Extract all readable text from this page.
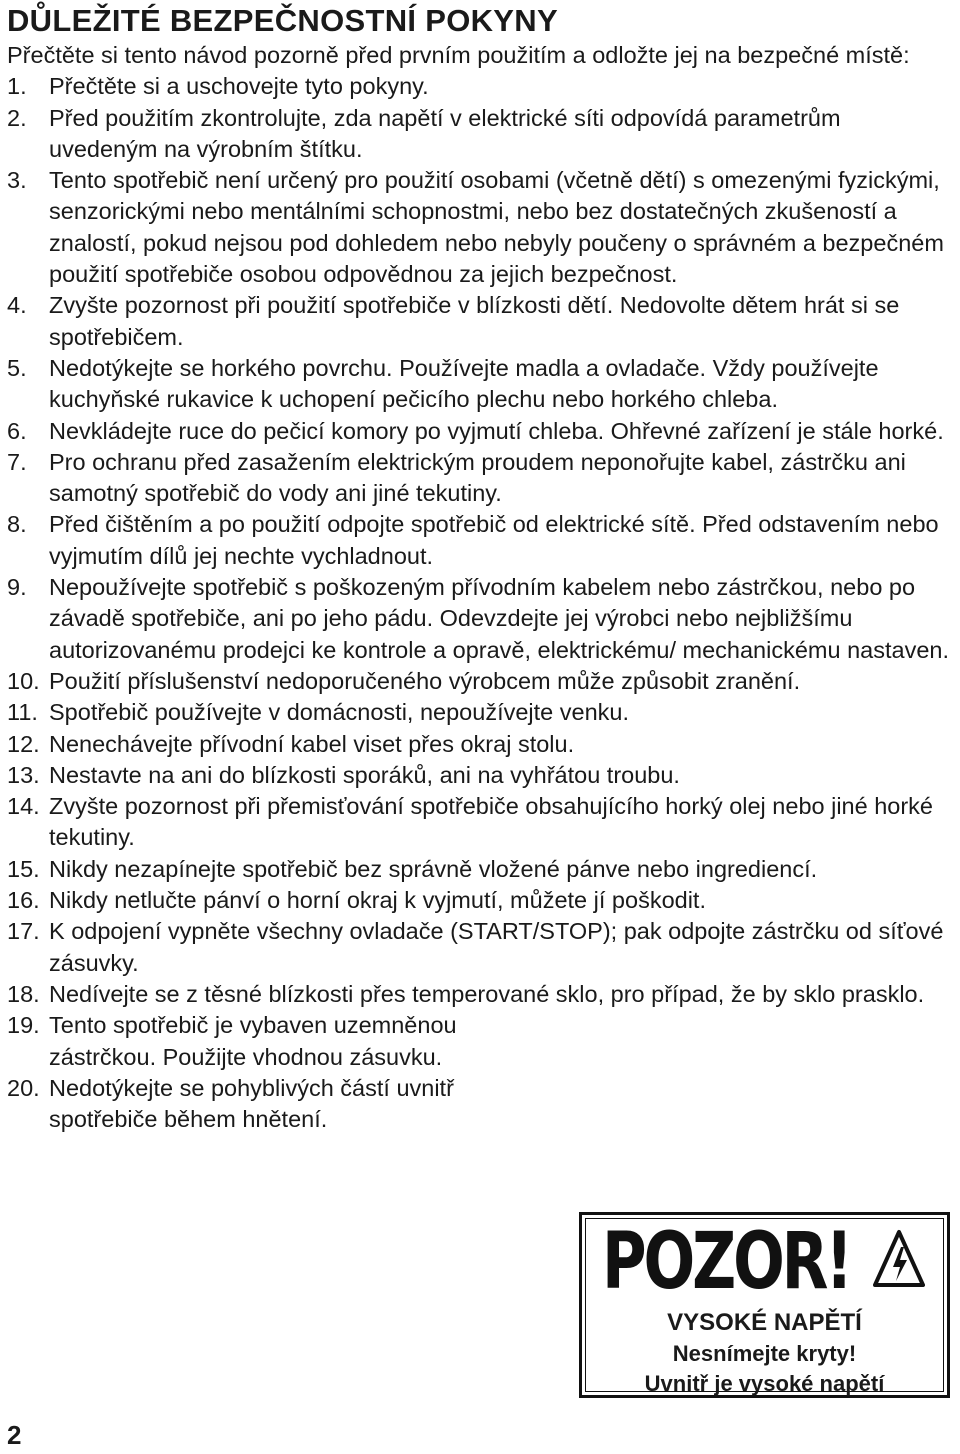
DŮLEŽITÉ BEZPEČNOSTNÍ POKYNY

Přečtěte si tento návod pozorně před prvním použitím a odložte jej na bezpečné místě:

1. Přečtěte si a uschovejte tyto pokyny.
2. Před použitím zkontrolujte, zda napětí v elektrické síti odpovídá parametrům uvedeným na výrobním štítku.
3. Tento spotřebič není určený pro použití osobami (včetně dětí) s omezenými fyzickými, senzorickými nebo mentálními schopnostmi, nebo bez dostatečných zkušeností a znalostí, pokud nejsou pod dohledem nebo nebyly poučeny o správném a bezpečném použití spotřebiče osobou odpovědnou za jejich bezpečnost.
4. Zvyšte pozornost při použití spotřebiče v blízkosti dětí. Nedovolte dětem hrát si se spotřebičem.
5. Nedotýkejte se horkého povrchu. Používejte madla a ovladače. Vždy používejte kuchyňské rukavice k uchopení pečicího plechu nebo horkého chleba.
6. Nevkládejte ruce do pečicí komory po vyjmutí chleba. Ohřevné zařízení je stále horké.
7. Pro ochranu před zasažením elektrickým proudem neponořujte kabel, zástrčku ani samotný spotřebič do vody ani jiné tekutiny.
8. Před čištěním a po použití odpojte spotřebič od elektrické sítě. Před odstavením nebo vyjmutím dílů jej nechte vychladnout.
9. Nepoužívejte spotřebič s poškozeným přívodním kabelem nebo zástrčkou, nebo po závadě spotřebiče, ani po jeho pádu. Odevzdejte jej výrobci nebo nejbližšímu autorizovanému prodejci ke kontrole a opravě, elektrickému/ mechanickému nastaven.
10. Použití příslušenství nedoporučeného výrobcem může způsobit zranění.
11. Spotřebič používejte v domácnosti, nepoužívejte venku.
12. Nenechávejte přívodní kabel viset přes okraj stolu.
13. Nestavte na ani do blízkosti sporáků, ani na vyhřátou troubu.
14. Zvyšte pozornost při přemisťování spotřebiče obsahujícího horký olej nebo jiné horké tekutiny.
15. Nikdy nezapínejte spotřebič bez správně vložené pánve nebo ingrediencí.
16. Nikdy netlučte pánví o horní okraj k vyjmutí, můžete jí poškodit.
17. K odpojení vypněte všechny ovladače (START/STOP); pak odpojte zástrčku od síťové zásuvky.
18. Nedívejte se z těsné blízkosti přes temperované sklo, pro případ, že by sklo prasklo.
19. Tento spotřebič je vybaven uzemněnou zástrčkou. Použijte vhodnou zásuvku.
20. Nedotýkejte se pohyblivých částí uvnitř spotřebiče během hnětení.
POZOR!
VYSOKÉ NAPĚTÍ
Nesnímejte kryty!
Uvnitř je vysoké napětí
2
